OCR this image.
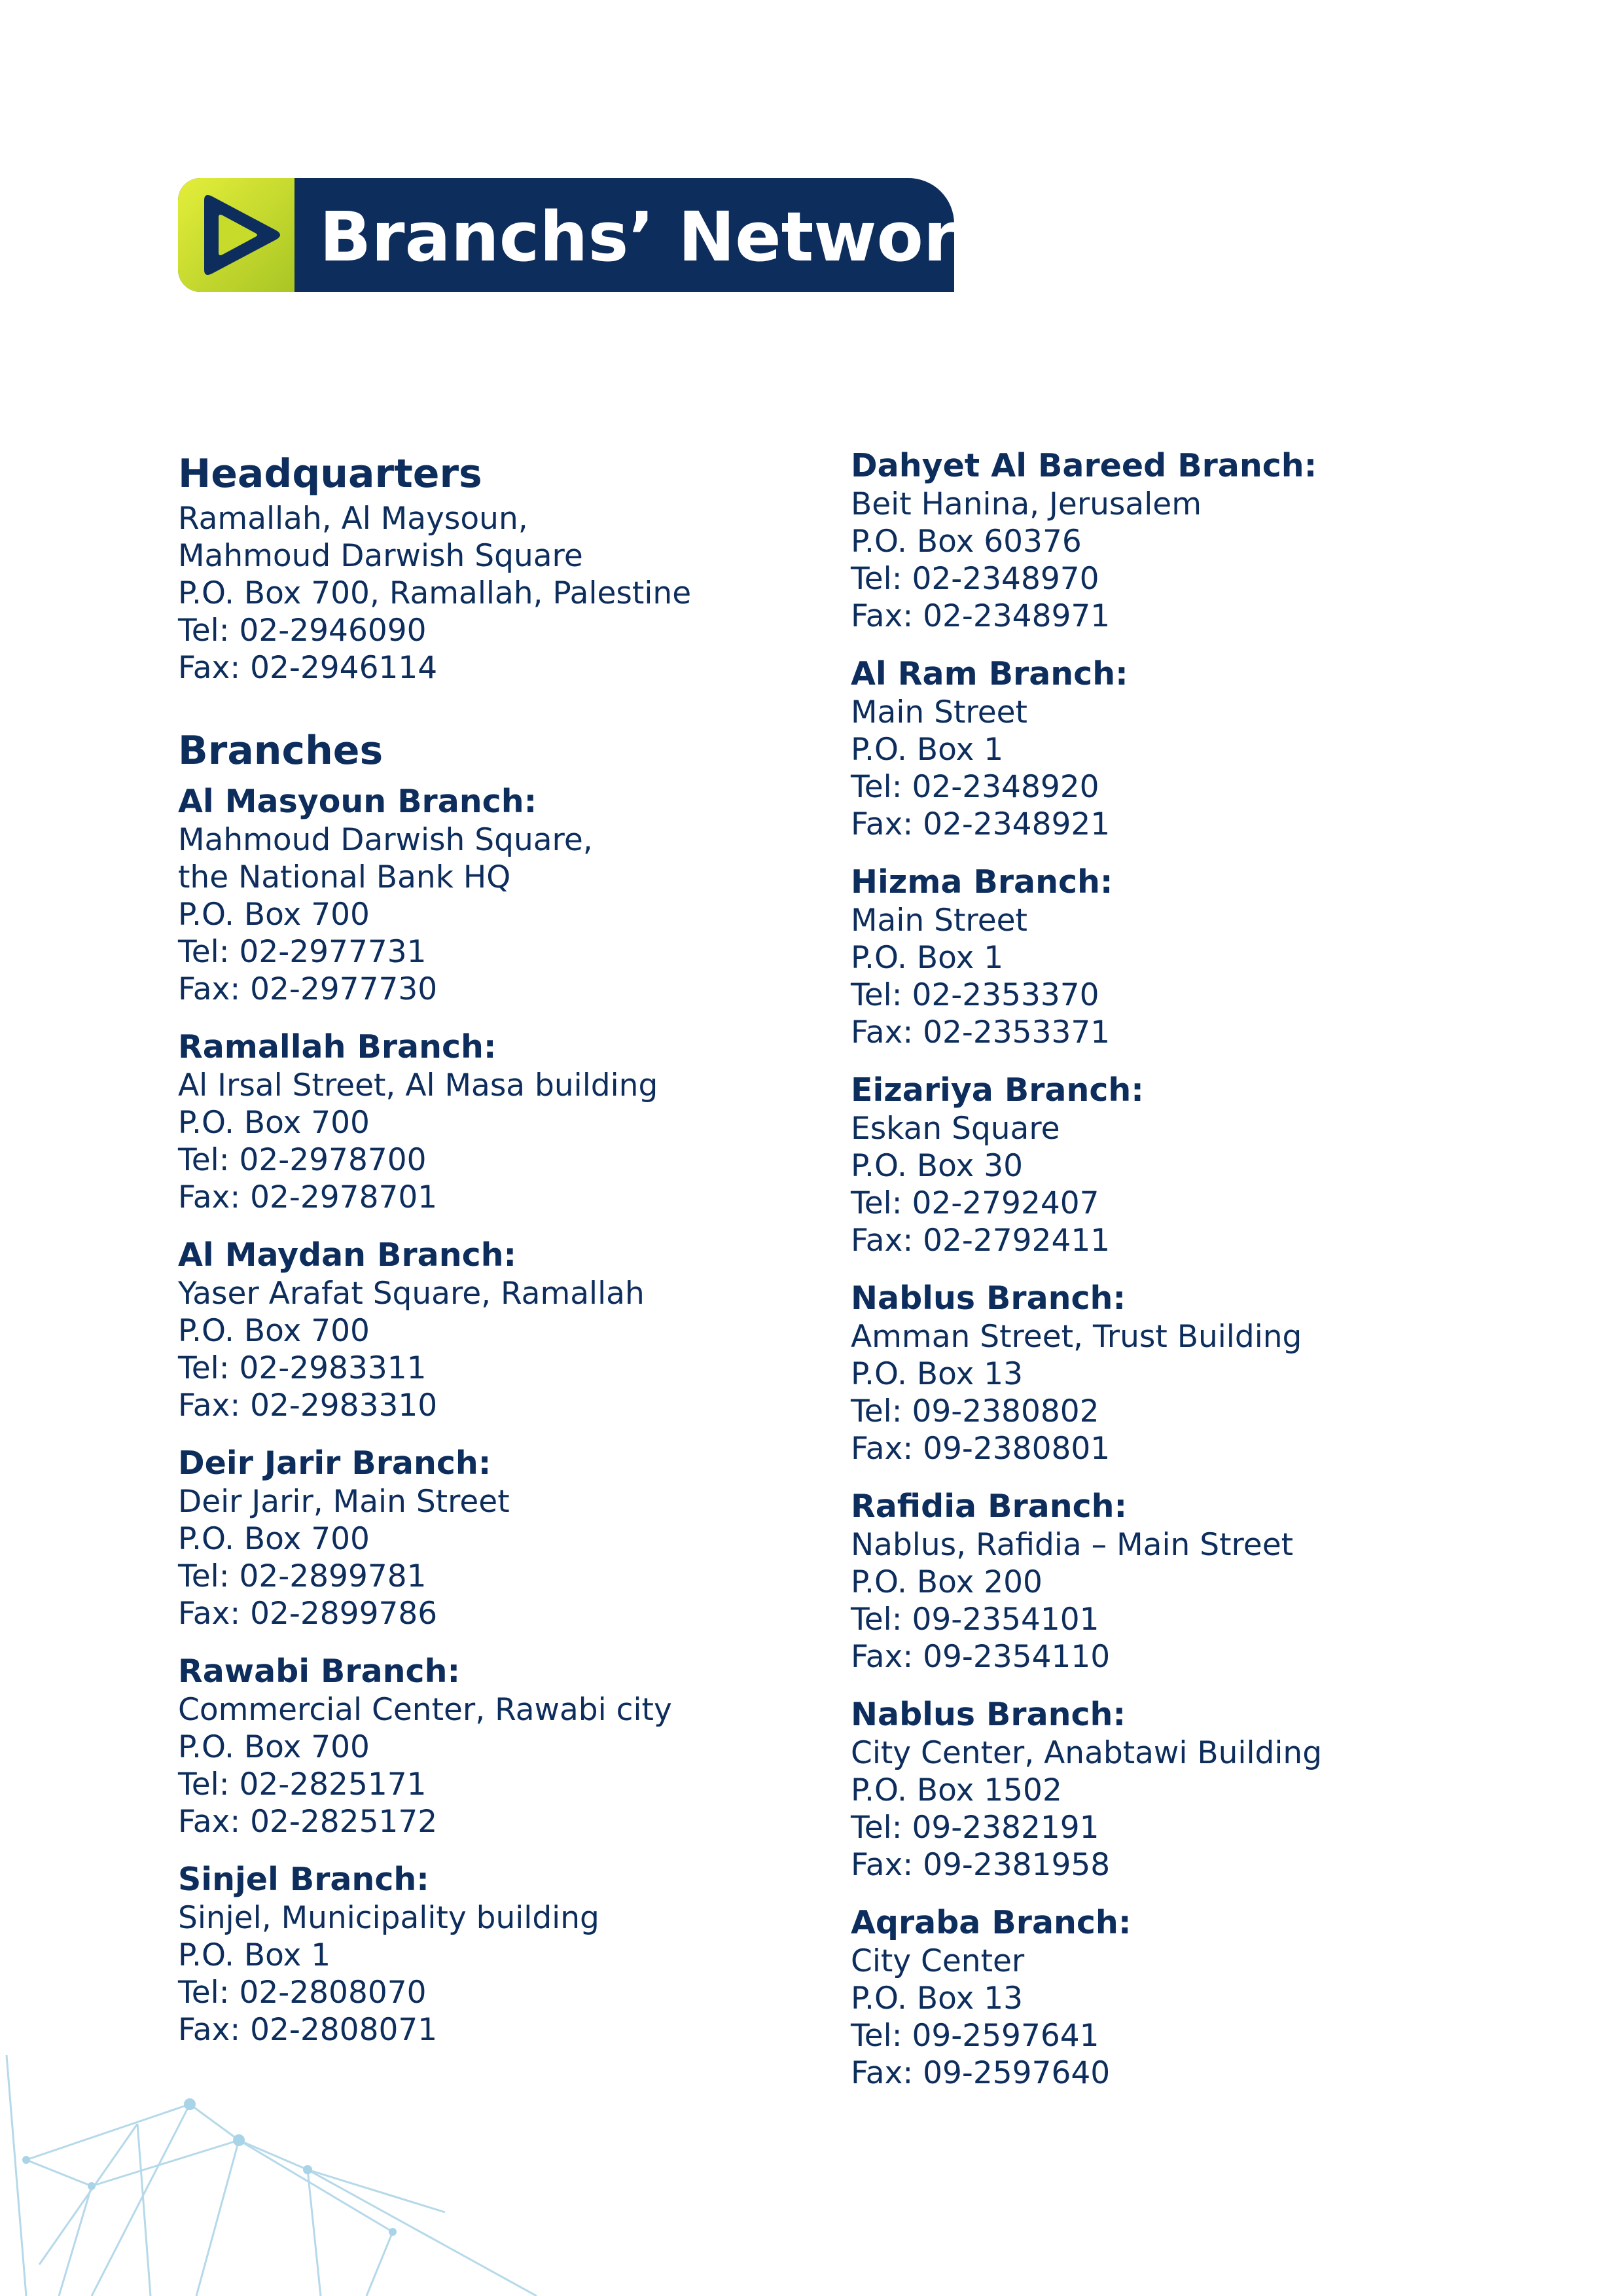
Branchs’ Network
Headquarters
Ramallah, Al Maysoun,
Mahmoud Darwish Square
P.O. Box 700, Ramallah, Palestine
Tel: 02-2946090
Fax: 02-2946114
Branches
Al Masyoun Branch:
Mahmoud Darwish Square,
the National Bank HQ
P.O. Box 700
Tel: 02-2977731
Fax: 02-2977730
Ramallah Branch:
Al Irsal Street, Al Masa building
P.O. Box 700
Tel: 02-2978700
Fax: 02-2978701
Al Maydan Branch:
Yaser Arafat Square, Ramallah
P.O. Box 700
Tel: 02-2983311
Fax: 02-2983310
Deir Jarir Branch:
Deir Jarir, Main Street
P.O. Box 700
Tel: 02-2899781
Fax: 02-2899786
Rawabi Branch:
Commercial Center, Rawabi city
P.O. Box 700
Tel: 02-2825171
Fax: 02-2825172
Sinjel Branch:
Sinjel, Municipality building
P.O. Box 1
Tel: 02-2808070
Fax: 02-2808071
Dahyet Al Bareed Branch:
Beit Hanina, Jerusalem
P.O. Box 60376
Tel: 02-2348970
Fax: 02-2348971
Al Ram Branch:
Main Street
P.O. Box 1
Tel: 02-2348920
Fax: 02-2348921
Hizma Branch:
Main Street
P.O. Box 1
Tel: 02-2353370
Fax: 02-2353371
Eizariya Branch:
Eskan Square
P.O. Box 30
Tel: 02-2792407
Fax: 02-2792411
Nablus Branch:
Amman Street, Trust Building
P.O. Box 13
Tel: 09-2380802
Fax: 09-2380801
Rafidia Branch:
Nablus, Rafidia – Main Street
P.O. Box 200
Tel: 09-2354101
Fax: 09-2354110
Nablus Branch:
City Center, Anabtawi Building
P.O. Box 1502
Tel: 09-2382191
Fax: 09-2381958
Aqraba Branch:
City Center
P.O. Box 13
Tel: 09-2597641
Fax: 09-2597640
